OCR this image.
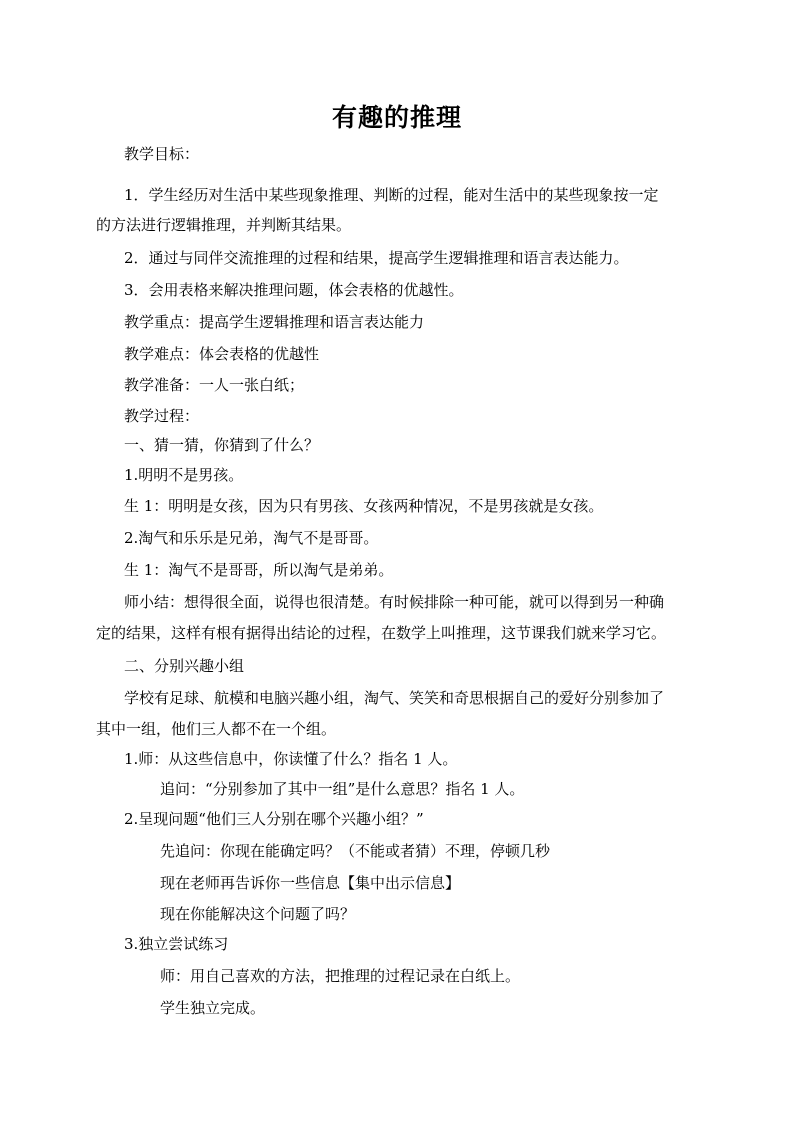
有趣的推理
教学目标：
1．学生经历对生活中某些现象推理、判断的过程，能对生活中的某些现象按一定
的方法进行逻辑推理，并判断其结果。
2．通过与同伴交流推理的过程和结果，提高学生逻辑推理和语言表达能力。
3．会用表格来解决推理问题，体会表格的优越性。
教学重点：提高学生逻辑推理和语言表达能力
教学难点：体会表格的优越性
教学准备：一人一张白纸；
教学过程：
一、猜一猜，你猜到了什么？
1.明明不是男孩。
生 1：明明是女孩，因为只有男孩、女孩两种情况，不是男孩就是女孩。
2.淘气和乐乐是兄弟，淘气不是哥哥。
生 1：淘气不是哥哥，所以淘气是弟弟。
师小结：想得很全面，说得也很清楚。有时候排除一种可能，就可以得到另一种确
定的结果，这样有根有据得出结论的过程，在数学上叫推理，这节课我们就来学习它。
二、分别兴趣小组
学校有足球、航模和电脑兴趣小组，淘气、笑笑和奇思根据自己的爱好分别参加了
其中一组，他们三人都不在一个组。
1.师：从这些信息中，你读懂了什么？指名 1 人。
追问：“分别参加了其中一组”是什么意思？指名 1 人。
2.呈现问题“他们三人分别在哪个兴趣小组？”
先追问：你现在能确定吗？（不能或者猜）不理，停顿几秒
现在老师再告诉你一些信息【集中出示信息】
现在你能解决这个问题了吗？
3.独立尝试练习
师：用自己喜欢的方法，把推理的过程记录在白纸上。
学生独立完成。
